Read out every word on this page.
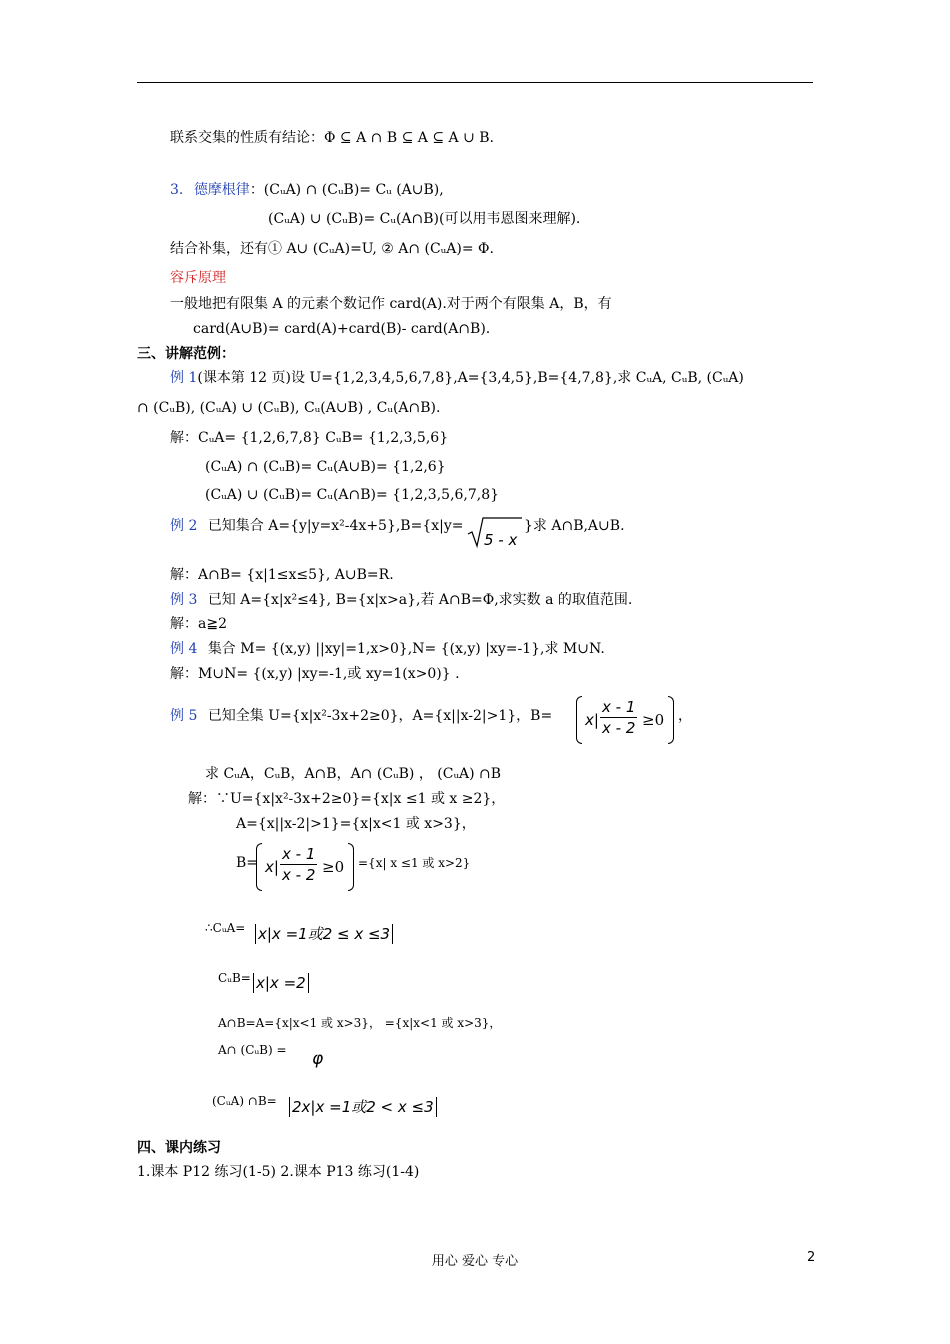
联系交集的性质有结论：Φ ⊆ A ∩ B ⊆ A ⊆ A ∪ B.
3. 德摩根律：(CᵤA) ∩ (CᵤB)= Cᵤ (A∪B),
(CᵤA) ∪ (CᵤB)= Cᵤ(A∩B)(可以用韦恩图来理解).
结合补集，还有① A∪ (CᵤA)=U, ② A∩ (CᵤA)= Φ.
容斥原理
一般地把有限集 A 的元素个数记作 card(A).对于两个有限集 A，B，有
card(A∪B)= card(A)+card(B)- card(A∩B).
三、讲解范例：
例 1(课本第 12 页)设 U={1,2,3,4,5,6,7,8},A={3,4,5},B={4,7,8},求 CᵤA, CᵤB, (CᵤA)
∩ (CᵤB), (CᵤA) ∪ (CᵤB), Cᵤ(A∪B) , Cᵤ(A∩B).
解：CᵤA= {1,2,6,7,8} CᵤB= {1,2,3,5,6}
(CᵤA) ∩ (CᵤB)= Cᵤ(A∪B)= {1,2,6}
(CᵤA) ∪ (CᵤB)= Cᵤ(A∩B)= {1,2,3,5,6,7,8}
例 2 已知集合 A={y|y=x²-4x+5},B={x|y=
5 - x
}求 A∩B,A∪B.
解：A∩B= {x|1≤x≤5}, A∪B=R.
例 3 已知 A={x|x²≤4}, B={x|x>a},若 A∩B=Φ,求实数 a 的取值范围.
解：a≧2
例 4 集合 M= {(x,y) ||xy|=1,x>0},N= {(x,y) |xy=-1},求 M∪N.
解：M∪N= {(x,y) |xy=-1,或 xy=1(x>0)} .
例 5 已知全集 U={x|x²-3x+2≥0}，A={x||x-2|>1}，$B= x| \frac{x - 1}{x - 2} \ge 0$ ，
求 CᵤA，CᵤB，A∩B，A∩ (CᵤB) ， (CᵤA) ∩B
解：∵U={x|x²-3x+2≥0}={x|x ≤1 或 x ≥2}，
A={x||x-2|>1}={x|x<1 或 x>3}，
$B= x| \frac{x - 1}{x - 2} \ge 0 =\{x|$ x ≤1 或 x>2}
∴CᵤA= x|x =1或2 ≤ x ≤3
CᵤB= x|x =2
A∩B=A={x|x<1 或 x>3}， ={x|x<1 或 x>3}，
A∩ (CᵤB) = φ
(CᵤA) ∩B= 2x|x =1或2 < x ≤3
四、课内练习
1.课本 P12 练习(1-5) 2.课本 P13 练习(1-4)
用心 爱心 专心	2
